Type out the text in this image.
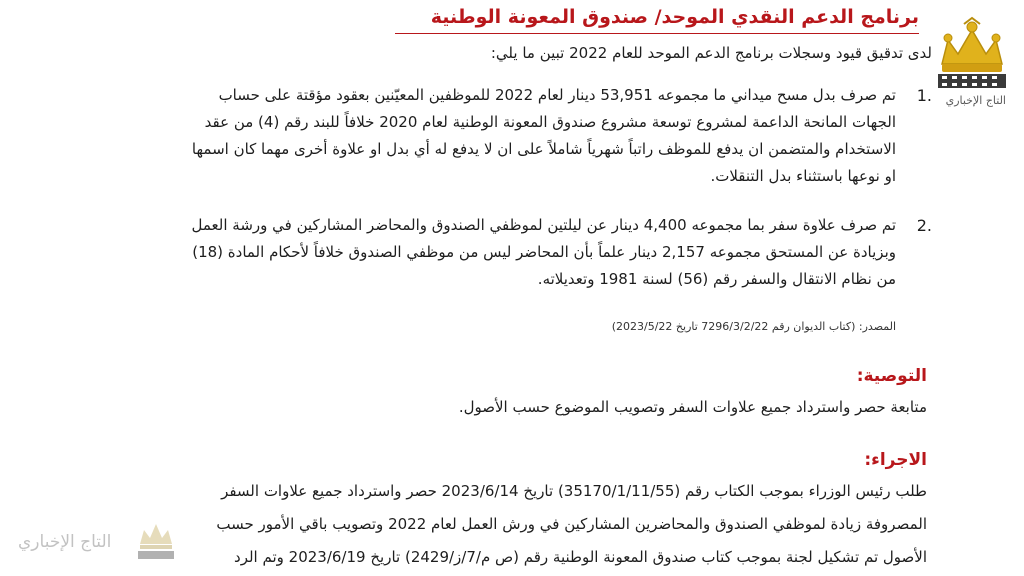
برنامج الدعم النقدي الموحد/ صندوق المعونة الوطنية
لدى تدقيق قيود وسجلات برنامج الدعم الموحد للعام 2022 تبين ما يلي:
1.
تم صرف بدل مسح ميداني ما مجموعه 53,951 دينار لعام 2022 للموظفين المعيّنين بعقود مؤقتة على حساب
الجهات المانحة الداعمة لمشروع توسعة مشروع صندوق المعونة الوطنية لعام 2020 خلافاً للبند رقم (4) من عقد
الاستخدام والمتضمن ان يدفع للموظف راتباً شهرياً شاملاً على ان لا يدفع له أي بدل او علاوة أخرى مهما كان اسمها
او نوعها باستثناء بدل التنقلات.
2.
تم صرف علاوة سفر بما مجموعه 4,400 دينار عن ليلتين لموظفي الصندوق والمحاضر المشاركين في ورشة العمل
وبزيادة عن المستحق مجموعه 2,157 دينار علماً بأن المحاضر ليس من موظفي الصندوق خلافاً لأحكام المادة (18)
من نظام الانتقال والسفر رقم (56) لسنة 1981 وتعديلاته.
المصدر: (كتاب الديوان رقم 7296/3/2/22 تاريخ 2023/5/22)
التوصية:
متابعة حصر واسترداد جميع علاوات السفر وتصويب الموضوع حسب الأصول.
الاجراء:
طلب رئيس الوزراء بموجب الكتاب رقم (35170/1/11/55) تاريخ 2023/6/14 حصر واسترداد جميع علاوات السفر
المصروفة زيادة لموظفي الصندوق والمحاضرين المشاركين في ورش العمل لعام 2022 وتصويب باقي الأمور حسب
الأصول تم تشكيل لجنة بموجب كتاب صندوق المعونة الوطنية رقم (ص م/7/ز/2429) تاريخ 2023/6/19 وتم الرد
التاج الإخباري
التاج الإخباري
